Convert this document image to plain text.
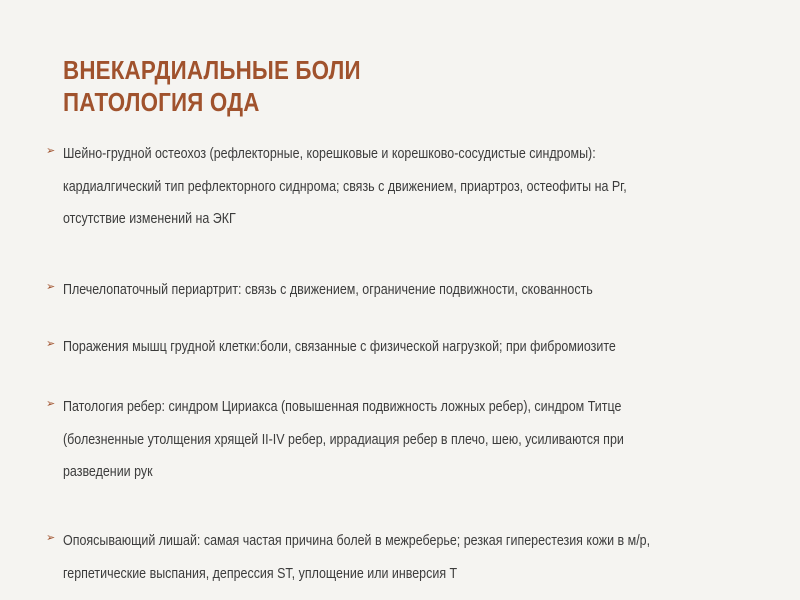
ВНЕКАРДИАЛЬНЫЕ БОЛИ
ПАТОЛОГИЯ ОДА
➢ Шейно-грудной остеохоз (рефлекторные, корешковые и корешково-сосудистые синдромы):
кардиалгический тип рефлекторного сиднрома; связь с движением, приартроз, остеофиты на Рг,
отсутствие изменений на ЭКГ
➢ Плечелопаточный периартрит: связь с движением, ограничение подвижности, скованность
➢ Поражения мышц грудной клетки:боли, связанные с физической нагрузкой; при фибромиозите
➢ Патология ребер: синдром Цириакса (повышенная подвижность ложных ребер), синдром Титце
(болезненные утолщения хрящей II-IV ребер, иррадиация ребер в плечо, шею, усиливаются при
разведении рук
➢ Опоясывающий лишай: самая частая причина болей в межреберье; резкая гиперестезия кожи в м/р,
герпетические выспания, депрессия ST, уплощение или инверсия Т
